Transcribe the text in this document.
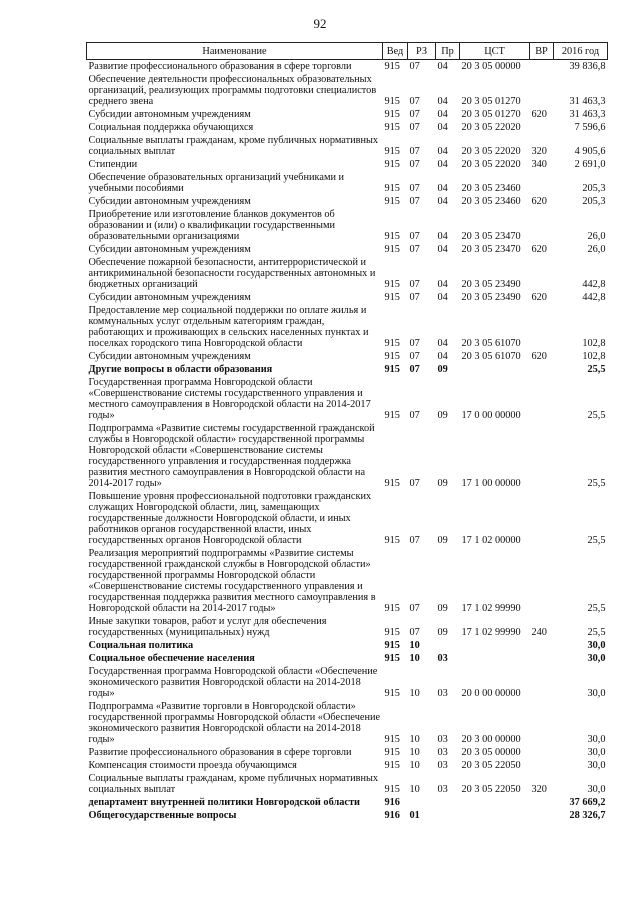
92
Наименование	Вед	РЗ	Пр	ЦСТ	ВР	2016 год
Развитие профессионального образования в сфере торговли	915	07	04	20 3 05 00000		39 836,8
Обеспечение деятельности профессиональных образовательных организаций, реализующих программы подготовки специалистов среднего звена	915	07	04	20 3 05 01270		31 463,3
Субсидии автономным учреждениям	915	07	04	20 3 05 01270	620	31 463,3
Социальная поддержка обучающихся	915	07	04	20 3 05 22020		7 596,6
Социальные выплаты гражданам, кроме публичных нормативных социальных выплат	915	07	04	20 3 05 22020	320	4 905,6
Стипендии	915	07	04	20 3 05 22020	340	2 691,0
Обеспечение образовательных организаций учебниками и учебными пособиями	915	07	04	20 3 05 23460		205,3
Субсидии автономным учреждениям	915	07	04	20 3 05 23460	620	205,3
Приобретение или изготовление бланков документов об образовании и (или) о квалификации государственными образовательными организациями	915	07	04	20 3 05 23470		26,0
Субсидии автономным учреждениям	915	07	04	20 3 05 23470	620	26,0
Обеспечение пожарной безопасности, антитеррористической и антикриминальной безопасности государственных автономных и бюджетных организаций	915	07	04	20 3 05 23490		442,8
Субсидии автономным учреждениям	915	07	04	20 3 05 23490	620	442,8
Предоставление мер социальной поддержки по оплате жилья и коммунальных услуг отдельным категориям граждан, работающих и проживающих в сельских населенных пунктах и поселках городского типа Новгородской области	915	07	04	20 3 05 61070		102,8
Субсидии автономным учреждениям	915	07	04	20 3 05 61070	620	102,8
Другие вопросы в области образования	915	07	09			25,5
Государственная программа Новгородской области «Совершенствование системы государственного управления и местного самоуправления в Новгородской области на 2014-2017 годы»	915	07	09	17 0 00 00000		25,5
Подпрограмма «Развитие системы государственной гражданской службы в Новгородской области» государственной программы Новгородской области «Совершенствование системы государственного управления и государственная поддержка развития местного самоуправления в Новгородской области на 2014-2017 годы»	915	07	09	17 1 00 00000		25,5
Повышение уровня профессиональной подготовки гражданских служащих Новгородской области, лиц, замещающих государственные должности Новгородской области, и иных работников органов государственной власти, иных государственных органов Новгородской области	915	07	09	17 1 02 00000		25,5
Реализация мероприятий подпрограммы «Развитие системы государственной гражданской службы в Новгородской области» государственной программы Новгородской области «Совершенствование системы государственного управления и государственная поддержка развития местного самоуправления в Новгородской области на 2014-2017 годы»	915	07	09	17 1 02 99990		25,5
Иные закупки товаров, работ и услуг для обеспечения государственных (муниципальных) нужд	915	07	09	17 1 02 99990	240	25,5
Социальная политика	915	10				30,0
Социальное обеспечение населения	915	10	03			30,0
Государственная программа Новгородской области «Обеспечение экономического развития Новгородской области на 2014-2018 годы»	915	10	03	20 0 00 00000		30,0
Подпрограмма «Развитие торговли в Новгородской области» государственной программы Новгородской области «Обеспечение экономического развития Новгородской области на 2014-2018 годы»	915	10	03	20 3 00 00000		30,0
Развитие профессионального образования в сфере торговли	915	10	03	20 3 05 00000		30,0
Компенсация стоимости проезда обучающимся	915	10	03	20 3 05 22050		30,0
Социальные выплаты гражданам, кроме публичных нормативных социальных выплат	915	10	03	20 3 05 22050	320	30,0
департамент внутренней политики Новгородской области	916					37 669,2
Общегосударственные вопросы	916	01				28 326,7
